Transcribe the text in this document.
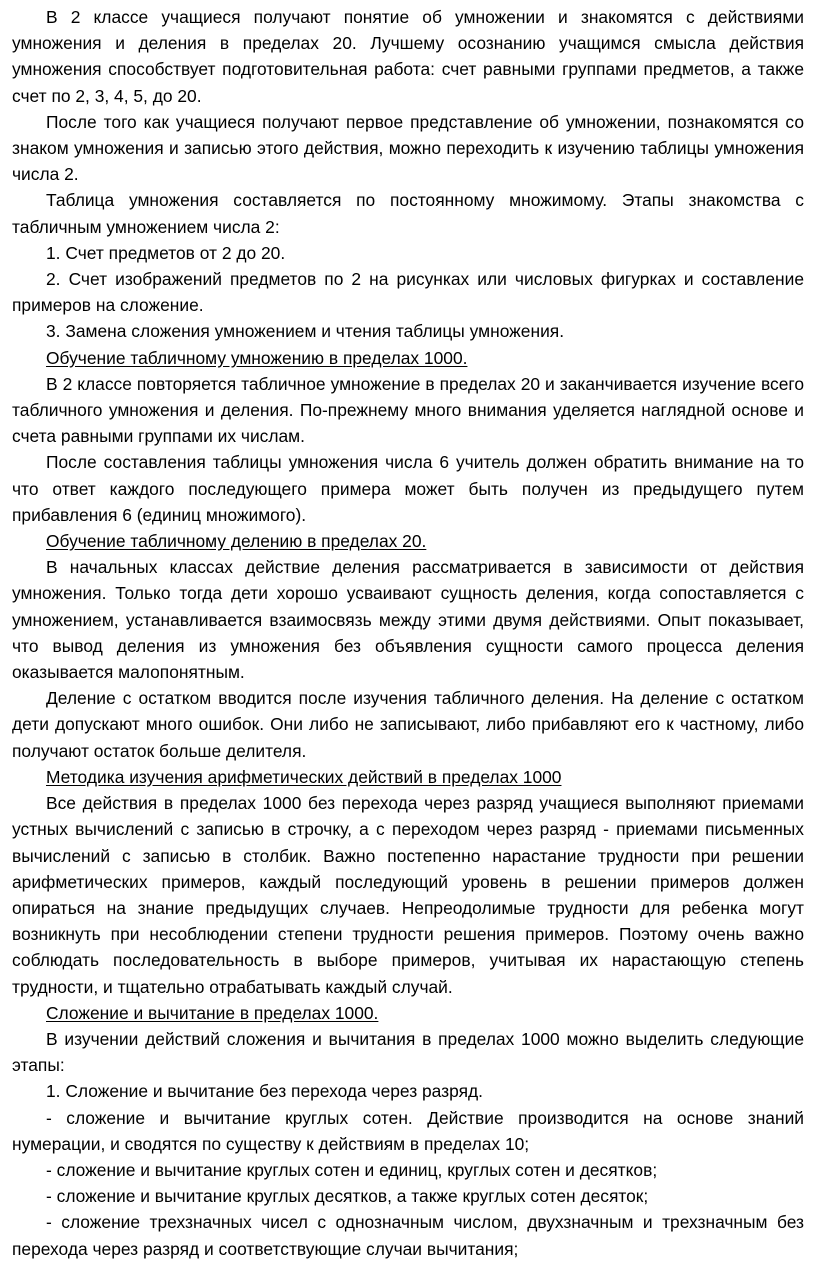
В 2 классе учащиеся получают понятие об умножении и знакомятся с действиями умножения и деления в пределах 20. Лучшему осознанию учащимся смысла действия умножения способствует подготовительная работа: счет равными группами предметов, а также счет по 2, 3, 4, 5, до 20.

После того как учащиеся получают первое представление об умножении, познакомятся со знаком умножения и записью этого действия, можно переходить к изучению таблицы умножения числа 2.

Таблица умножения составляется по постоянному множимому. Этапы знакомства с табличным умножением числа 2:

1. Счет предметов от 2 до 20.

2. Счет изображений предметов по 2 на рисунках или числовых фигурках и составление примеров на сложение.

3. Замена сложения умножением и чтения таблицы умножения.

Обучение табличному умножению в пределах 1000.

В 2 классе повторяется табличное умножение в пределах 20 и заканчивается изучение всего табличного умножения и деления. По-прежнему много внимания уделяется наглядной основе и счета равными группами их числам.

После составления таблицы умножения числа 6 учитель должен обратить внимание на то что ответ каждого последующего примера может быть получен из предыдущего путем прибавления 6 (единиц множимого).

Обучение табличному делению в пределах 20.

В начальных классах действие деления рассматривается в зависимости от действия умножения. Только тогда дети хорошо усваивают сущность деления, когда сопоставляется с умножением, устанавливается взаимосвязь между этими двумя действиями. Опыт показывает, что вывод деления из умножения без объявления сущности самого процесса деления оказывается малопонятным.

Деление с остатком вводится после изучения табличного деления. На деление с остатком дети допускают много ошибок. Они либо не записывают, либо прибавляют его к частному, либо получают остаток больше делителя.

Методика изучения арифметических действий в пределах 1000

Все действия в пределах 1000 без перехода через разряд учащиеся выполняют приемами устных вычислений с записью в строчку, а с переходом через разряд - приемами письменных вычислений с записью в столбик. Важно постепенно нарастание трудности при решении арифметических примеров, каждый последующий уровень в решении примеров должен опираться на знание предыдущих случаев. Непреодолимые трудности для ребенка могут возникнуть при несоблюдении степени трудности решения примеров. Поэтому очень важно соблюдать последовательность в выборе примеров, учитывая их нарастающую степень трудности, и тщательно отрабатывать каждый случай.

Сложение и вычитание в пределах 1000.

В изучении действий сложения и вычитания в пределах 1000 можно выделить следующие этапы:

1. Сложение и вычитание без перехода через разряд.

- сложение и вычитание круглых сотен. Действие производится на основе знаний нумерации, и сводятся по существу к действиям в пределах 10;

- сложение и вычитание круглых сотен и единиц, круглых сотен и десятков;

- сложение и вычитание круглых десятков, а также круглых сотен десяток;

- сложение трехзначных чисел с однозначным числом, двухзначным и трехзначным без перехода через разряд и соответствующие случаи вычитания;
